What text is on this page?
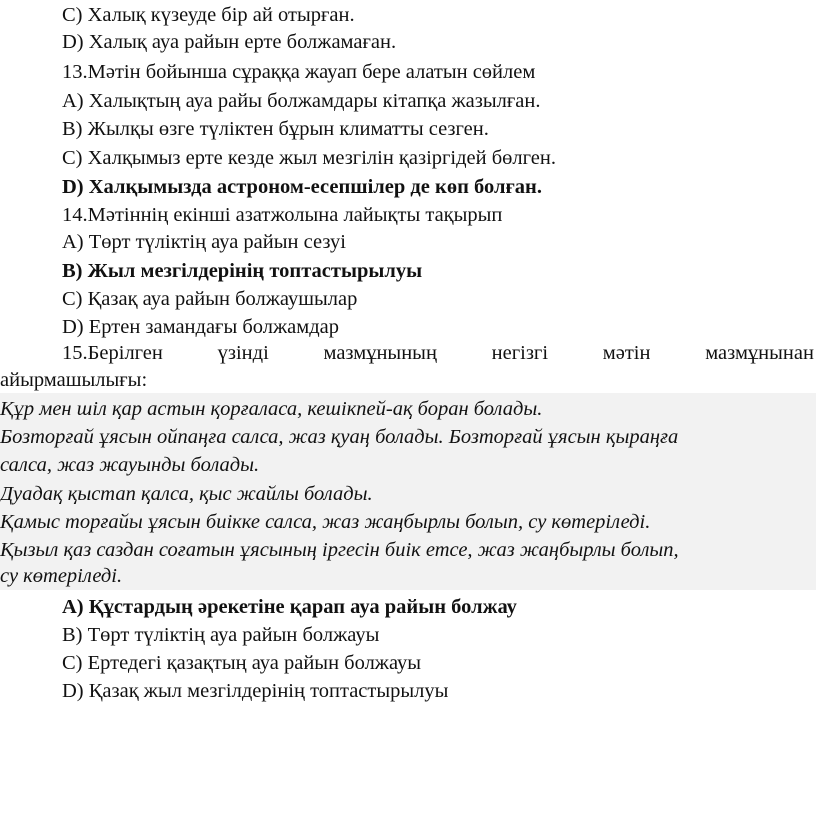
C) Халық күзеуде бір ай отырған.
D) Халық ауа райын ерте болжамаған.
13.Мәтін бойынша сұраққа жауап бере алатын сөйлем
A) Халықтың ауа райы болжамдары кітапқа жазылған.
B) Жылқы өзге түліктен бұрын климатты сезген.
C) Халқымыз ерте кезде жыл мезгілін қазіргідей бөлген.
D) Халқымызда астроном-есепшілер де көп болған.
14.Мәтіннің екінші азатжолына лайықты тақырып
A) Төрт түліктің ауа райын сезуі
B) Жыл мезгілдерінің топтастырылуы
C) Қазақ ауа райын болжаушылар
D) Ертен замандағы болжамдар
15.Берілген	үзінді	мазмұнының	негізгі	мәтін	мазмұнынан
айырмашылығы:
Құр мен шіл қар астын қорғаласа, кешікпей-ақ боран болады.
Бозторғай ұясын ойпаңға салса, жаз қуаң болады. Бозторғай ұясын қыраңға
салса, жаз жауынды болады.
Дуадақ қыстап қалса, қыс жайлы болады.
Қамыс торғайы ұясын биікке салса, жаз жаңбырлы болып, су көтеріледі.
Қызыл қаз саздан соғатын ұясының іргесін биік етсе, жаз жаңбырлы болып,
су көтеріледі.
A) Құстардың әрекетіне қарап ауа райын болжау
B) Төрт түліктің ауа райын болжауы
C) Ертедегі қазақтың ауа райын болжауы
D) Қазақ жыл мезгілдерінің топтастырылуы
